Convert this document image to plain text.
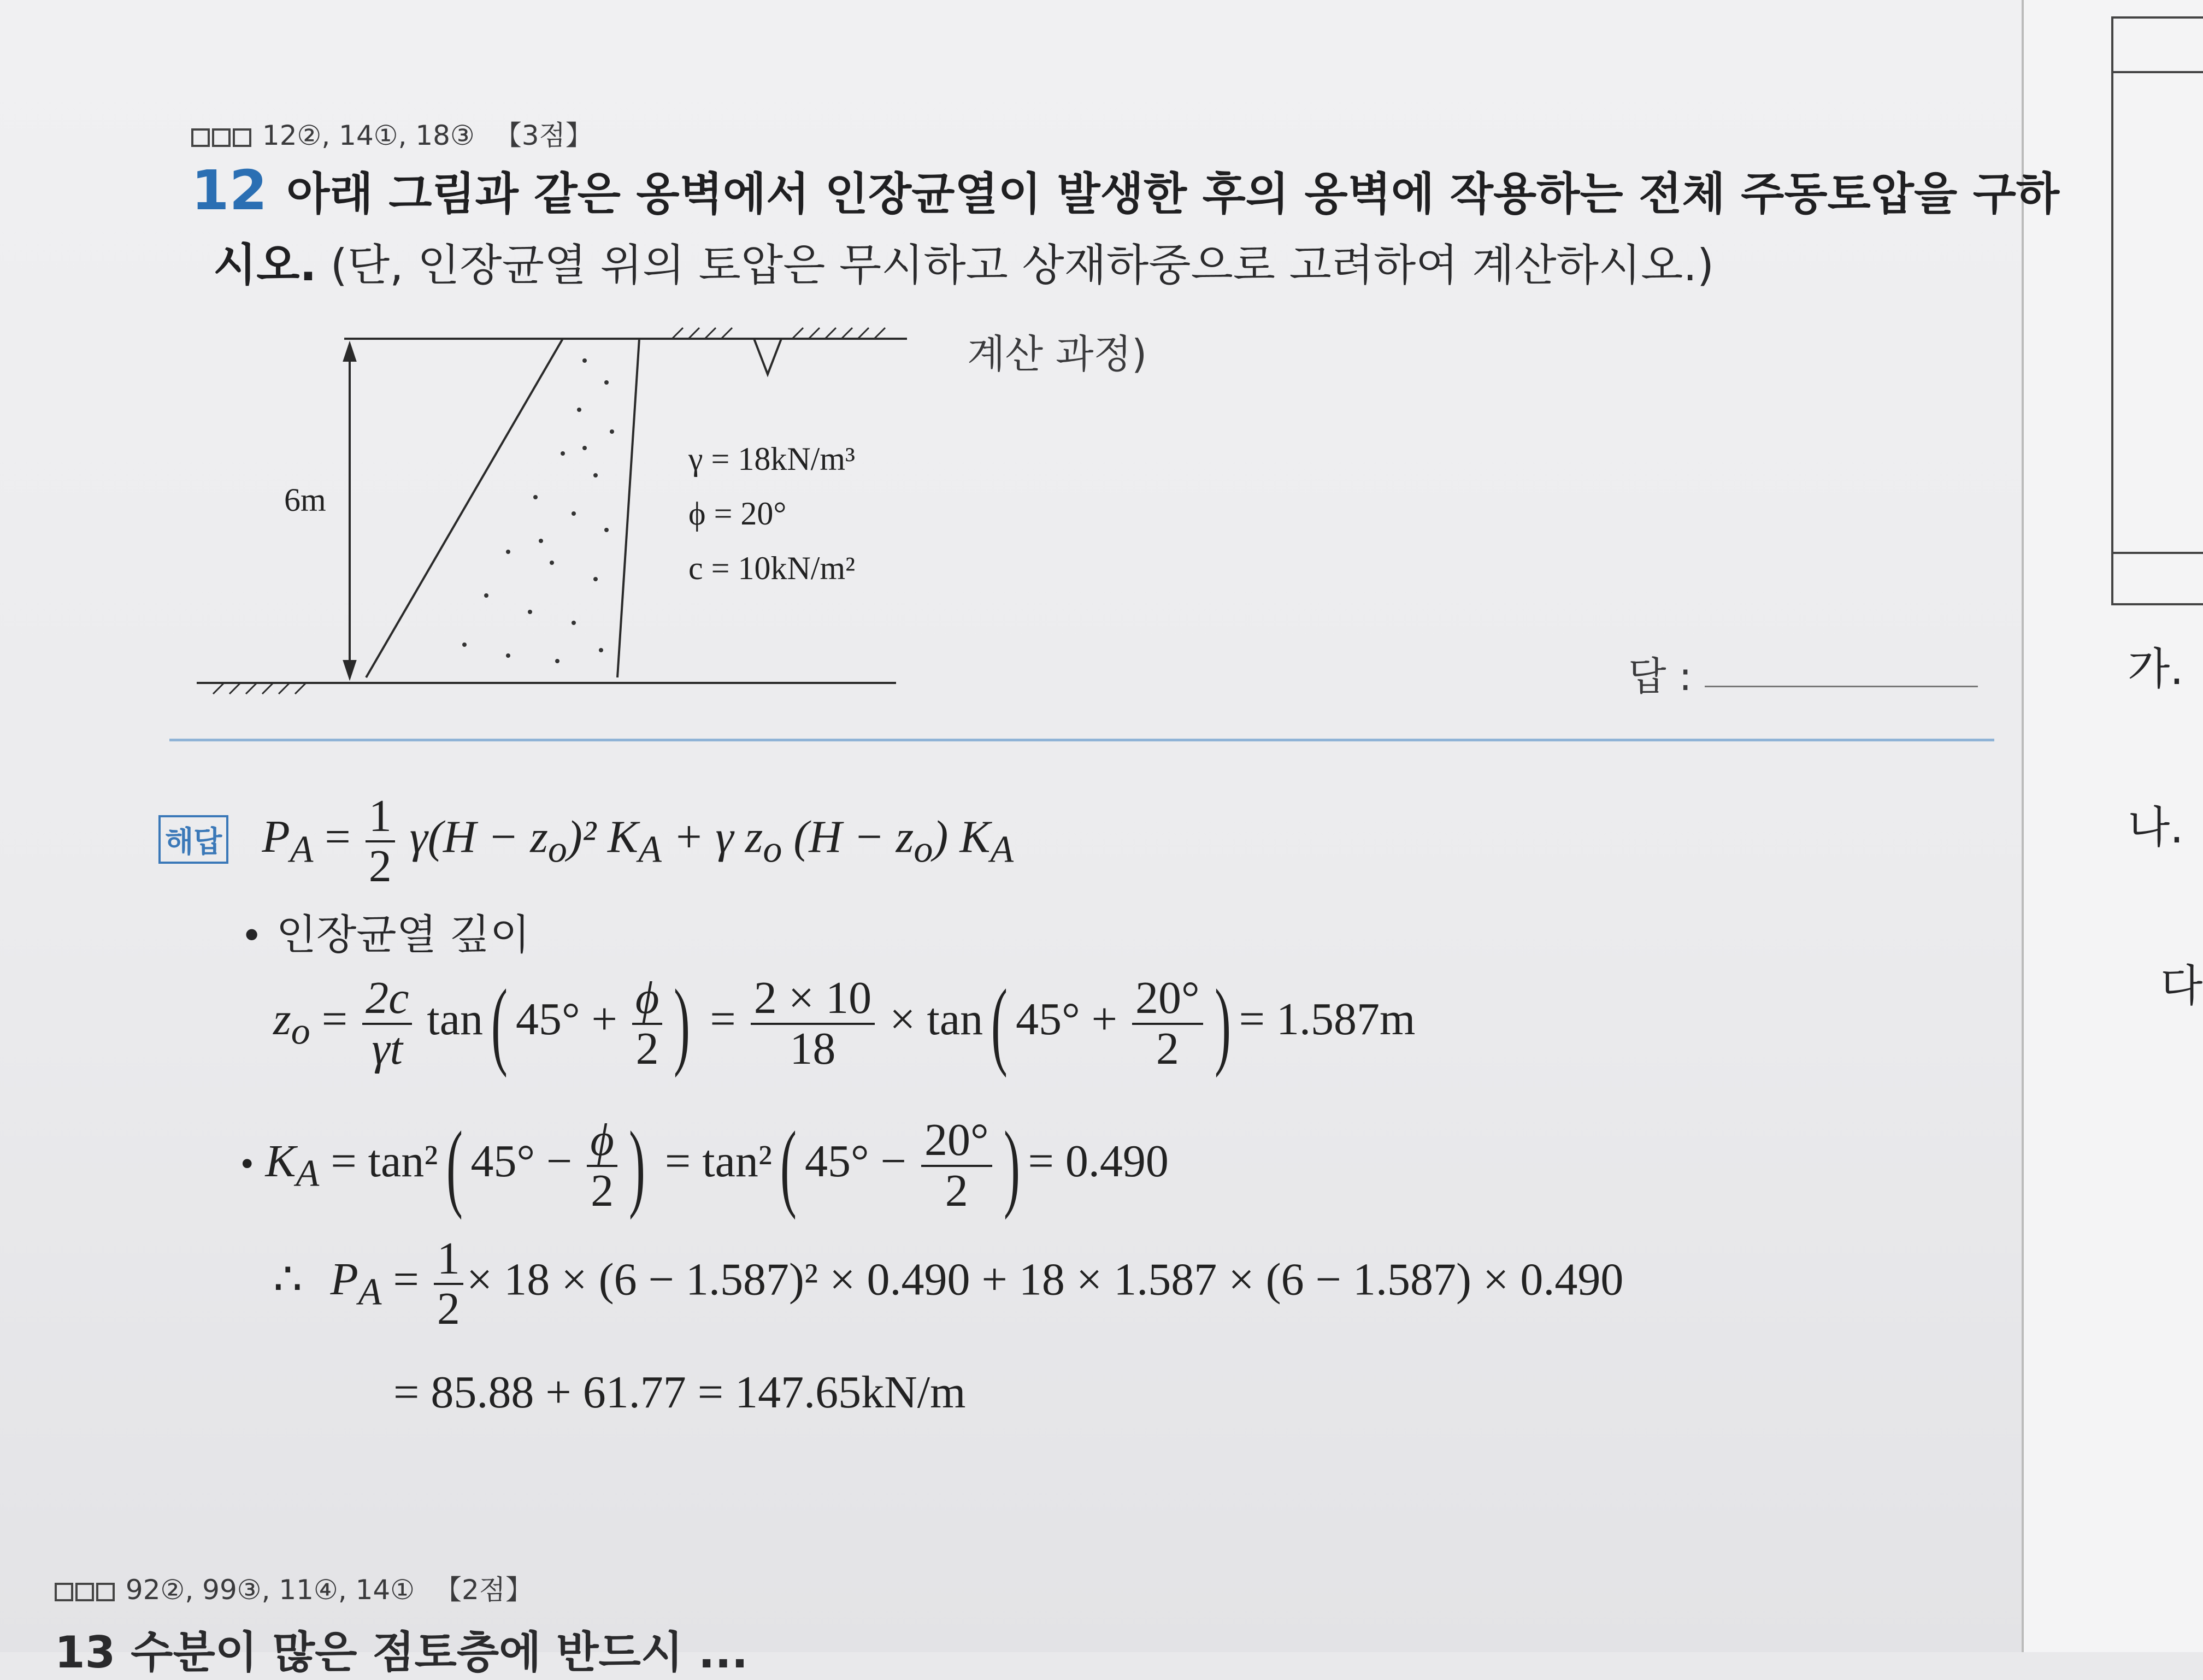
가.
나.
다
12②, 14①, 18③ 【3점】
12 아래 그림과 같은 옹벽에서 인장균열이 발생한 후의 옹벽에 작용하는 전체 주동토압을 구하
시오. (단, 인장균열 위의 토압은 무시하고 상재하중으로 고려하여 계산하시오.)
6m
γ = 18kN/m³
ϕ = 20°
c = 10kN/m²
계산 과정)
답 :
해답 $P_A = \frac{1}{2} \gamma(H - z_o)^2$ $K_A + \gamma$ $z_o$ $(H - z_o)$ $K_A$
• 인장균열 깊이
$z_o = \frac{2c}{\gamma t} \tan$( $45^\circ + \frac{\phi}{2}$ ) = $\frac{2 \times 10}{18} \times \tan$( $45^\circ + \frac{20^\circ}{2}$ ) = 1.587m
• $K_A = \tan^2$( $45^\circ - \frac{\phi}{2}$ ) = tan²( $45^\circ - \frac{20^\circ}{2}$ ) = 0.490
∴ $P_A = \frac{1}{2} \times 18 \times (6 - 1.587)^2 \times 0.490 + 18 \times 1.587 \times (6 - 1.587) \times 0.490$
= 85.88 + 61.77 = 147.65kN/m
92②, 99③, 11④, 14① 【2점】
13 수분이 많은 점토층에 반드시 ...
